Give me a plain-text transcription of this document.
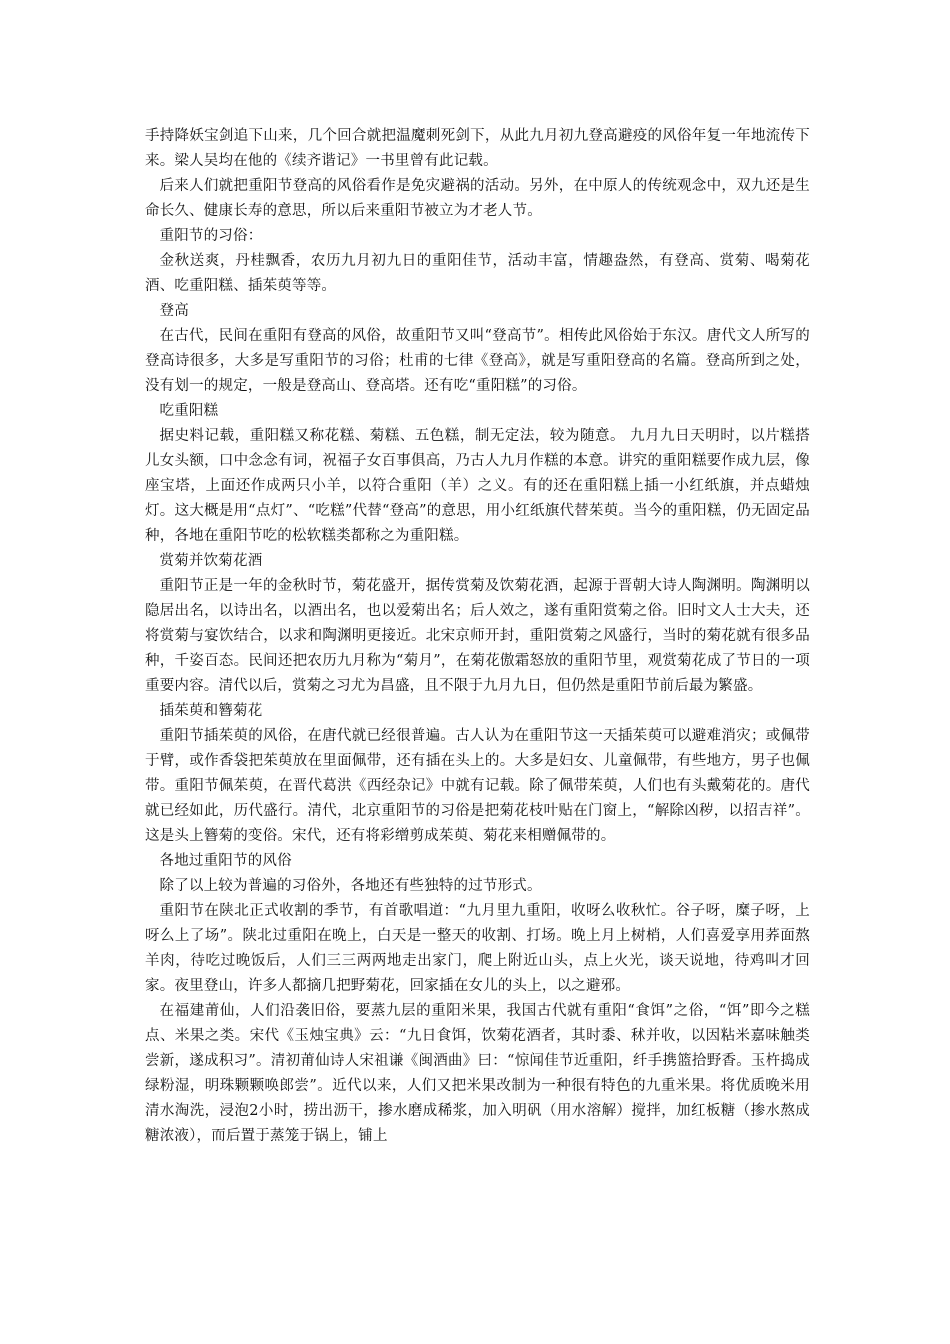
手持降妖宝剑追下山来，几个回合就把温魔刺死剑下，从此九月初九登高避疫的风俗年复一年地流传下来。梁人吴均在他的《续齐谐记》一书里曾有此记载。

后来人们就把重阳节登高的风俗看作是免灾避祸的活动。另外，在中原人的传统观念中，双九还是生命长久、健康长寿的意思，所以后来重阳节被立为才老人节。

重阳节的习俗：

金秋送爽，丹桂飘香，农历九月初九日的重阳佳节，活动丰富，情趣盎然，有登高、赏菊、喝菊花酒、吃重阳糕、插茱萸等等。

登高

在古代，民间在重阳有登高的风俗，故重阳节又叫“登高节”。相传此风俗始于东汉。唐代文人所写的登高诗很多，大多是写重阳节的习俗；杜甫的七律《登高》，就是写重阳登高的名篇。登高所到之处，没有划一的规定，一般是登高山、登高塔。还有吃“重阳糕”的习俗。

吃重阳糕

据史料记载，重阳糕又称花糕、菊糕、五色糕，制无定法，较为随意。 九月九日天明时，以片糕搭儿女头额，口中念念有词，祝福子女百事俱高，乃古人九月作糕的本意。讲究的重阳糕要作成九层，像座宝塔，上面还作成两只小羊，以符合重阳（羊）之义。有的还在重阳糕上插一小红纸旗，并点蜡烛灯。这大概是用“点灯”、“吃糕”代替“登高”的意思，用小红纸旗代替茱萸。当今的重阳糕，仍无固定品种，各地在重阳节吃的松软糕类都称之为重阳糕。

赏菊并饮菊花酒

重阳节正是一年的金秋时节，菊花盛开，据传赏菊及饮菊花酒，起源于晋朝大诗人陶渊明。陶渊明以隐居出名，以诗出名，以酒出名，也以爱菊出名；后人效之，遂有重阳赏菊之俗。旧时文人士大夫，还将赏菊与宴饮结合，以求和陶渊明更接近。北宋京师开封，重阳赏菊之风盛行，当时的菊花就有很多品种，千姿百态。民间还把农历九月称为“菊月”，在菊花傲霜怒放的重阳节里，观赏菊花成了节日的一项重要内容。清代以后，赏菊之习尤为昌盛，且不限于九月九日，但仍然是重阳节前后最为繁盛。

插茱萸和簪菊花

重阳节插茱萸的风俗，在唐代就已经很普遍。古人认为在重阳节这一天插茱萸可以避难消灾；或佩带于臂，或作香袋把茱萸放在里面佩带，还有插在头上的。大多是妇女、儿童佩带，有些地方，男子也佩带。重阳节佩茱萸，在晋代葛洪《西经杂记》中就有记载。除了佩带茱萸，人们也有头戴菊花的。唐代就已经如此，历代盛行。清代，北京重阳节的习俗是把菊花枝叶贴在门窗上，“解除凶秽，以招吉祥”。这是头上簪菊的变俗。宋代，还有将彩缯剪成茱萸、菊花来相赠佩带的。

各地过重阳节的风俗

除了以上较为普遍的习俗外，各地还有些独特的过节形式。

重阳节在陕北正式收割的季节，有首歌唱道：“九月里九重阳，收呀么收秋忙。谷子呀，糜子呀，上呀么上了场”。陕北过重阳在晚上，白天是一整天的收割、打场。晚上月上树梢，人们喜爱享用荞面熬羊肉，待吃过晚饭后，人们三三两两地走出家门，爬上附近山头，点上火光，谈天说地，待鸡叫才回家。夜里登山，许多人都摘几把野菊花，回家插在女儿的头上，以之避邪。

在福建莆仙，人们沿袭旧俗，要蒸九层的重阳米果，我国古代就有重阳“食饵”之俗，“饵”即今之糕点、米果之类。宋代《玉烛宝典》云：“九日食饵，饮菊花酒者，其时黍、秫并收，以因粘米嘉味触类尝新，遂成积习”。清初莆仙诗人宋祖谦《闽酒曲》曰：“惊闻佳节近重阳，纤手携篮拾野香。玉杵捣成绿粉湿，明珠颗颗唤郎尝”。近代以来，人们又把米果改制为一种很有特色的九重米果。将优质晚米用清水淘洗，浸泡2小时，捞出沥干，掺水磨成稀浆，加入明矾（用水溶解）搅拌，加红板糖（掺水熬成糖浓液），而后置于蒸笼于锅上，铺上
